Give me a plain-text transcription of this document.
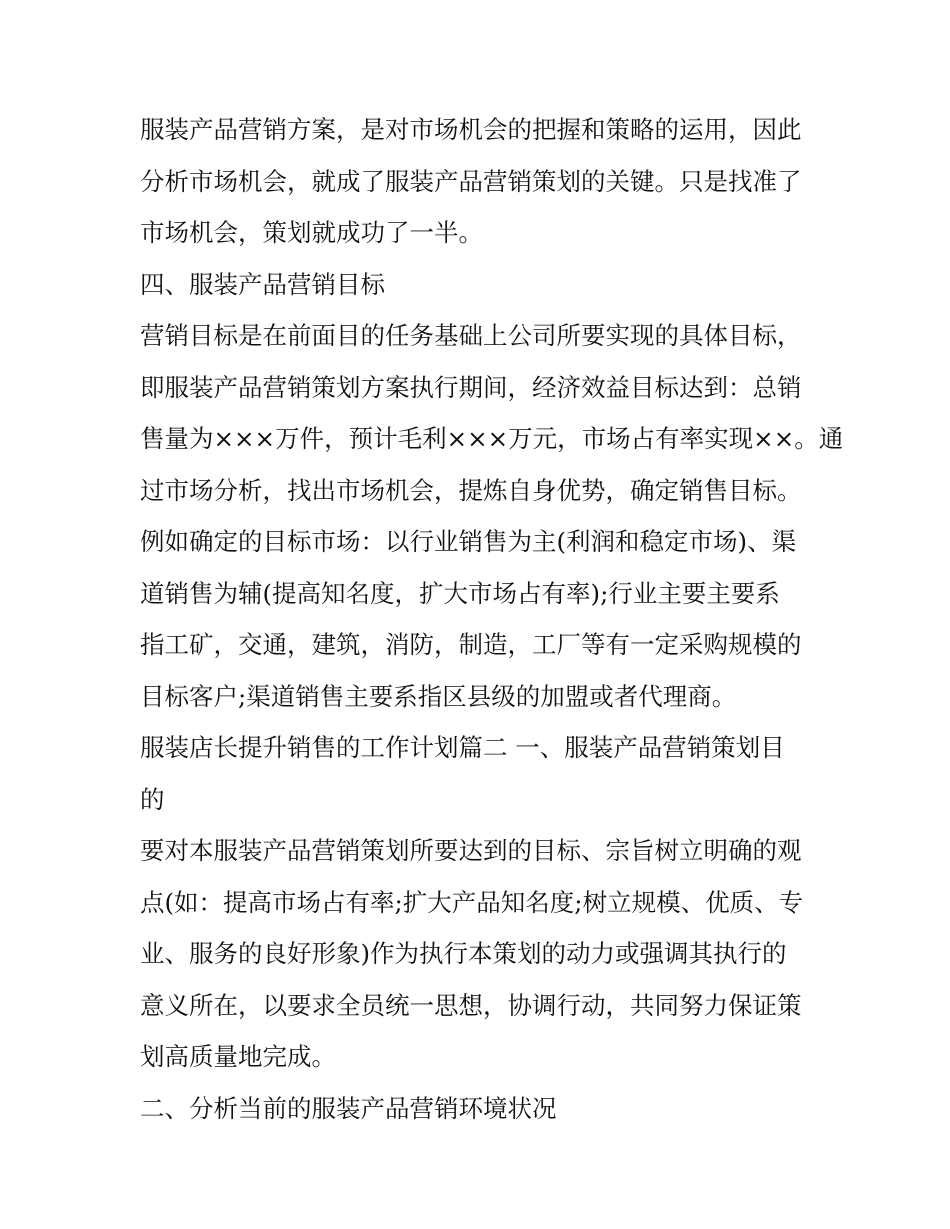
服装产品营销方案，是对市场机会的把握和策略的运用，因此
分析市场机会，就成了服装产品营销策划的关键。只是找准了
市场机会，策划就成功了一半。
四、服装产品营销目标
营销目标是在前面目的任务基础上公司所要实现的具体目标，
即服装产品营销策划方案执行期间，经济效益目标达到：总销
售量为×××万件，预计毛利×××万元，市场占有率实现××。通
过市场分析，找出市场机会，提炼自身优势，确定销售目标。
例如确定的目标市场：以行业销售为主(利润和稳定市场)、渠
道销售为辅(提高知名度，扩大市场占有率);行业主要主要系
指工矿，交通，建筑，消防，制造，工厂等有一定采购规模的
目标客户;渠道销售主要系指区县级的加盟或者代理商。
服装店长提升销售的工作计划篇二 一、服装产品营销策划目
的
要对本服装产品营销策划所要达到的目标、宗旨树立明确的观
点(如：提高市场占有率;扩大产品知名度;树立规模、优质、专
业、服务的良好形象)作为执行本策划的动力或强调其执行的
意义所在，以要求全员统一思想，协调行动，共同努力保证策
划高质量地完成。
二、分析当前的服装产品营销环境状况
